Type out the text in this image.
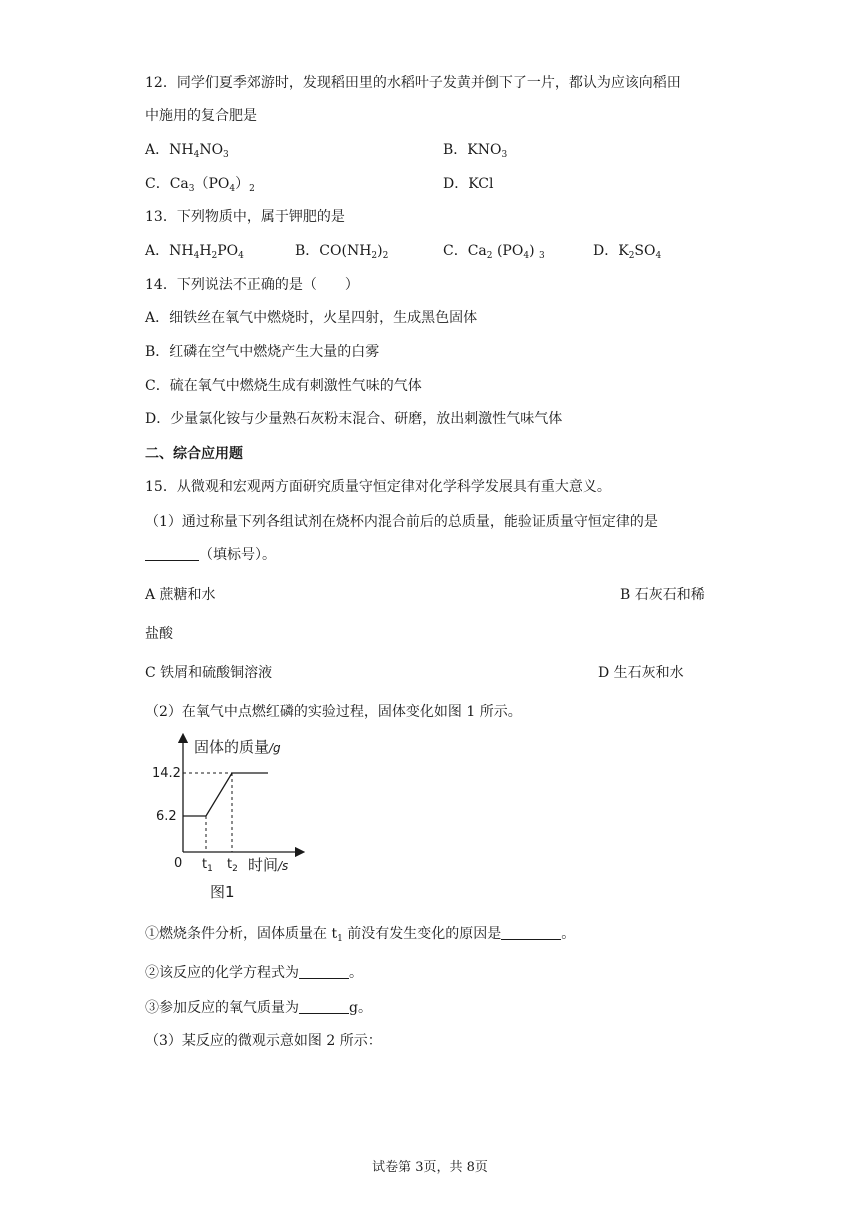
12．同学们夏季郊游时，发现稻田里的水稻叶子发黄并倒下了一片，都认为应该向稻田
中施用的复合肥是
A．$NH_4NO_3$	B．$KNO_3$
C．$Ca_3(PO_4)_2$	D．KCl
13．下列物质中，属于钾肥的是
A．$NH_4H_2PO_4$	B．$CO(NH_2)_2$	C．$Ca_2$ $(PO_4)$ $_3$	D．$K_2SO_4$
14．下列说法不正确的是（　　）
A．细铁丝在氧气中燃烧时，火星四射，生成黑色固体
B．红磷在空气中燃烧产生大量的白雾
C．硫在氧气中燃烧生成有刺激性气味的气体
D．少量氯化铵与少量熟石灰粉末混合、研磨，放出刺激性气味气体
二、综合应用题
15．从微观和宏观两方面研究质量守恒定律对化学科学发展具有重大意义。
（1）通过称量下列各组试剂在烧杯内混合前后的总质量，能验证质量守恒定律的是
（填标号）。
A 蔗糖和水	B 石灰石和稀
盐酸
C 铁屑和硫酸铜溶液	D 生石灰和水
（2）在氧气中点燃红磷的实验过程，固体变化如图 1 所示。
固体的质量/g
14.2
6.2
0 $t_1$ $t_2$ 时间/s
图1
①燃烧条件分析，固体质量在 $t_1$ 前没有发生变化的原因是	。
②该反应的化学方程式为	。
③参加反应的氧气质量为	g。
（3）某反应的微观示意如图 2 所示：
试卷第 3页，共 8页
